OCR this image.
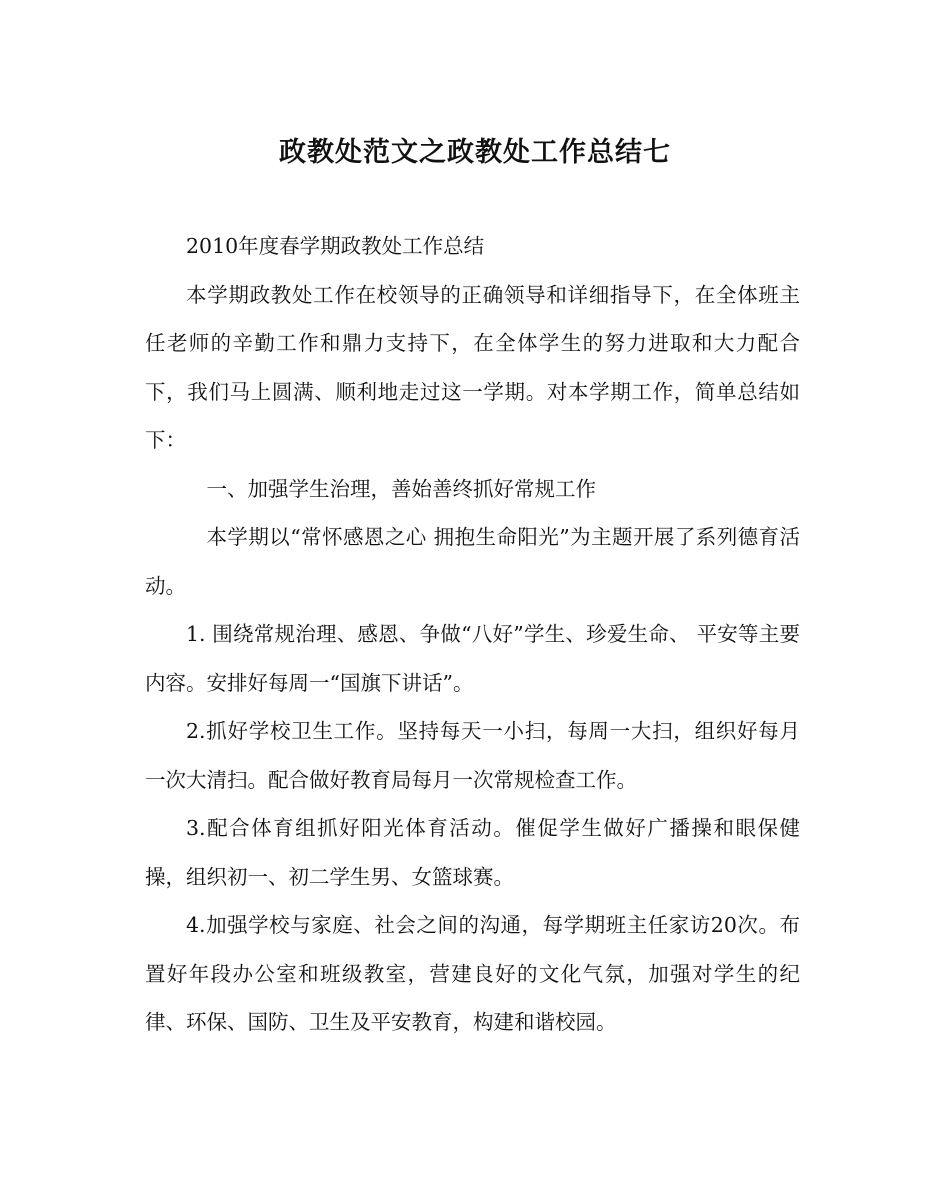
政教处范文之政教处工作总结七

2010年度春学期政教处工作总结

本学期政教处工作在校领导的正确领导和详细指导下，在全体班主任老师的辛勤工作和鼎力支持下，在全体学生的努力进取和大力配合下，我们马上圆满、顺利地走过这一学期。对本学期工作，简单总结如下：

一、加强学生治理，善始善终抓好常规工作

本学期以“常怀感恩之心 拥抱生命阳光”为主题开展了系列德育活动。

1. 围绕常规治理、感恩、争做“八好”学生、珍爱生命、 平安等主要内容。安排好每周一“国旗下讲话”。

2.抓好学校卫生工作。坚持每天一小扫，每周一大扫，组织好每月一次大清扫。配合做好教育局每月一次常规检查工作。

3.配合体育组抓好阳光体育活动。催促学生做好广播操和眼保健操，组织初一、初二学生男、女篮球赛。

4.加强学校与家庭、社会之间的沟通，每学期班主任家访20次。布置好年段办公室和班级教室，营建良好的文化气氛，加强对学生的纪律、环保、国防、卫生及平安教育，构建和谐校园。
